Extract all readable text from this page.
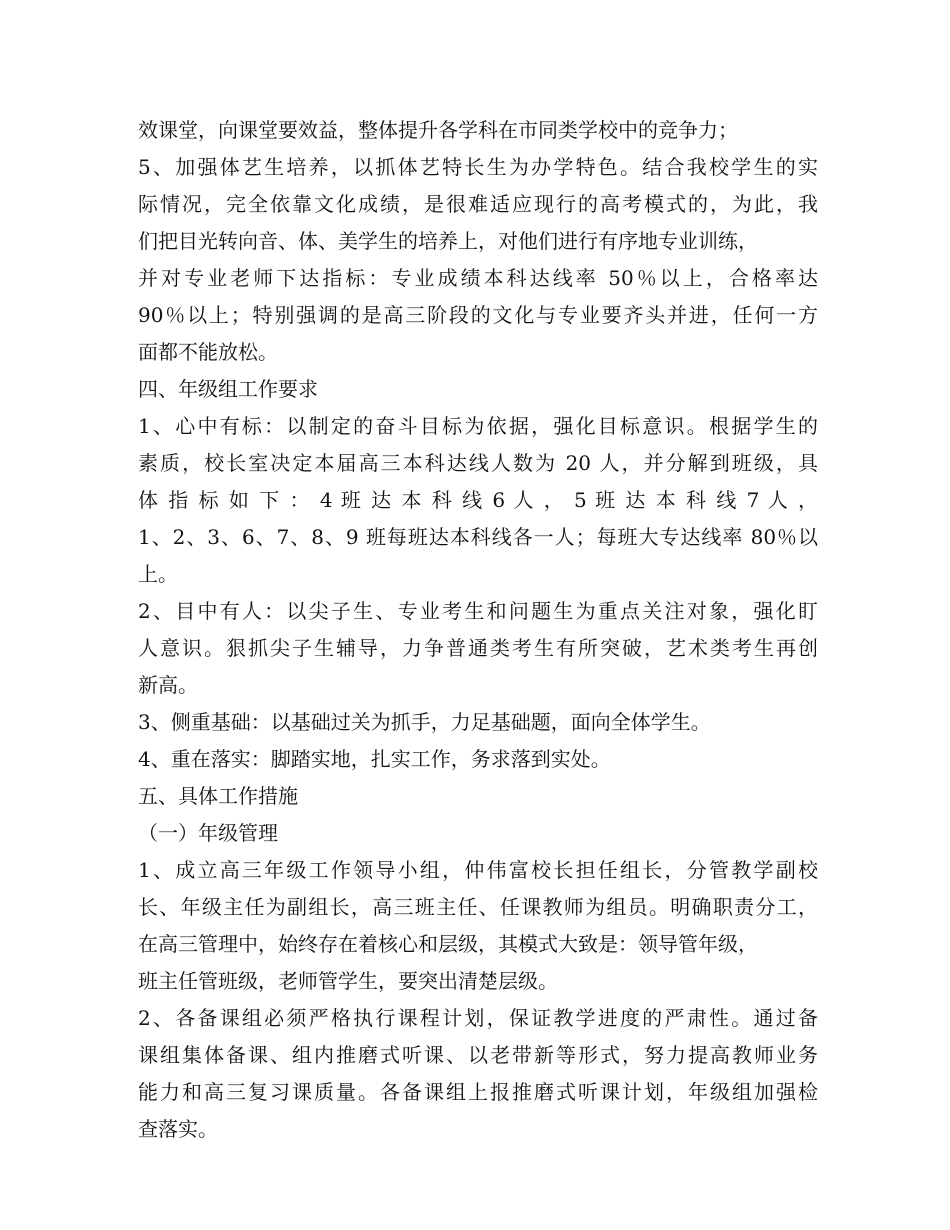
效课堂，向课堂要效益，整体提升各学科在市同类学校中的竞争力；
5、加强体艺生培养，以抓体艺特长生为办学特色。结合我校学生的实
际情况，完全依靠文化成绩，是很难适应现行的高考模式的，为此，我
们把目光转向音、体、美学生的培养上，对他们进行有序地专业训练，
并对专业老师下达指标：专业成绩本科达线率 50％以上，合格率达
90％以上；特别强调的是高三阶段的文化与专业要齐头并进，任何一方
面都不能放松。
四、年级组工作要求
1、心中有标：以制定的奋斗目标为依据，强化目标意识。根据学生的
素质，校长室决定本届高三本科达线人数为 20 人，并分解到班级，具
体 指 标 如 下 ： 4 班 达 本 科 线 6 人 ， 5 班 达 本 科 线 7 人 ，
1、2、3、6、7、8、9 班每班达本科线各一人；每班大专达线率 80％以
上。
2、目中有人：以尖子生、专业考生和问题生为重点关注对象，强化盯
人意识。狠抓尖子生辅导，力争普通类考生有所突破，艺术类考生再创
新高。
3、侧重基础：以基础过关为抓手，力足基础题，面向全体学生。
4、重在落实：脚踏实地，扎实工作，务求落到实处。
五、具体工作措施
（一）年级管理
1、成立高三年级工作领导小组，仲伟富校长担任组长，分管教学副校
长、年级主任为副组长，高三班主任、任课教师为组员。明确职责分工，
在高三管理中，始终存在着核心和层级，其模式大致是：领导管年级，
班主任管班级，老师管学生，要突出清楚层级。
2、各备课组必须严格执行课程计划，保证教学进度的严肃性。通过备
课组集体备课、组内推磨式听课、以老带新等形式，努力提高教师业务
能力和高三复习课质量。各备课组上报推磨式听课计划，年级组加强检
查落实。
